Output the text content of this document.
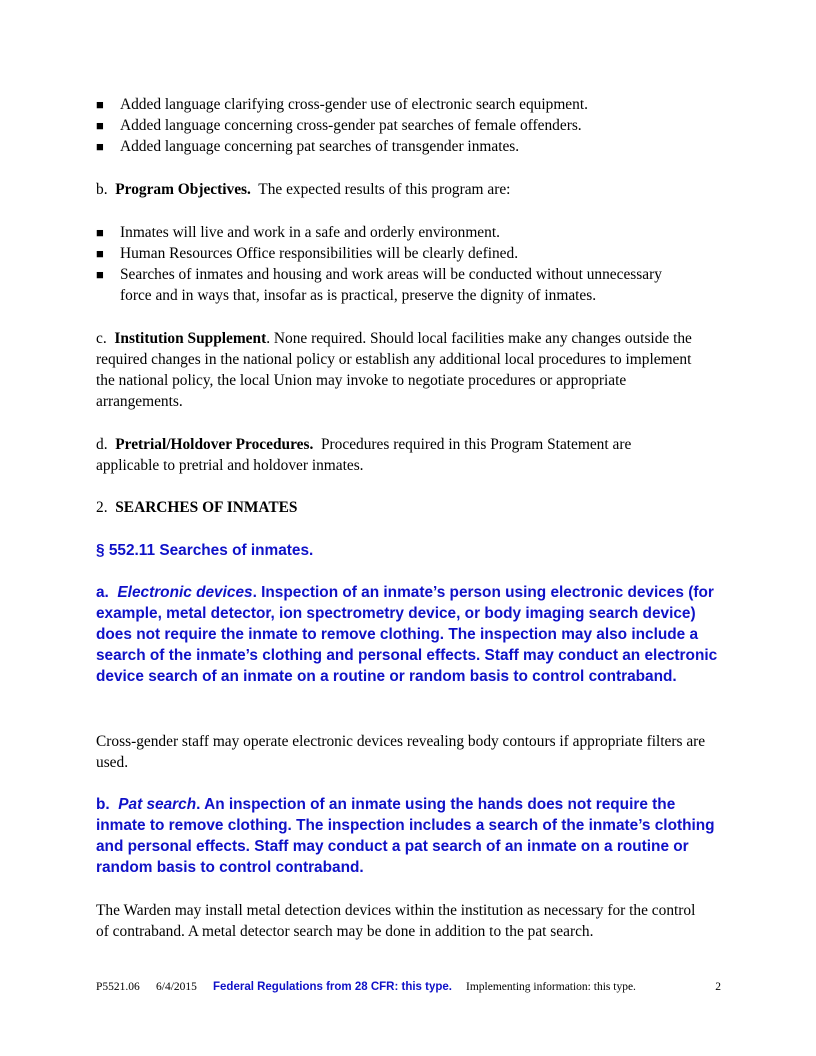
■ Added language clarifying cross-gender use of electronic search equipment.
■ Added language concerning cross-gender pat searches of female offenders.
■ Added language concerning pat searches of transgender inmates.

b. Program Objectives. The expected results of this program are:

■ Inmates will live and work in a safe and orderly environment.
■ Human Resources Office responsibilities will be clearly defined.
■ Searches of inmates and housing and work areas will be conducted without unnecessary force and in ways that, insofar as is practical, preserve the dignity of inmates.

c. Institution Supplement. None required. Should local facilities make any changes outside the required changes in the national policy or establish any additional local procedures to implement the national policy, the local Union may invoke to negotiate procedures or appropriate arrangements.

d. Pretrial/Holdover Procedures. Procedures required in this Program Statement are applicable to pretrial and holdover inmates.

2. SEARCHES OF INMATES

§ 552.11 Searches of inmates.

a. Electronic devices. Inspection of an inmate’s person using electronic devices (for example, metal detector, ion spectrometry device, or body imaging search device) does not require the inmate to remove clothing. The inspection may also include a search of the inmate’s clothing and personal effects. Staff may conduct an electronic device search of an inmate on a routine or random basis to control contraband.

Cross-gender staff may operate electronic devices revealing body contours if appropriate filters are used.

b. Pat search. An inspection of an inmate using the hands does not require the inmate to remove clothing. The inspection includes a search of the inmate’s clothing and personal effects. Staff may conduct a pat search of an inmate on a routine or random basis to control contraband.

The Warden may install metal detection devices within the institution as necessary for the control of contraband. A metal detector search may be done in addition to the pat search.

P5521.06 6/4/2015 Federal Regulations from 28 CFR: this type. Implementing information: this type.	2
